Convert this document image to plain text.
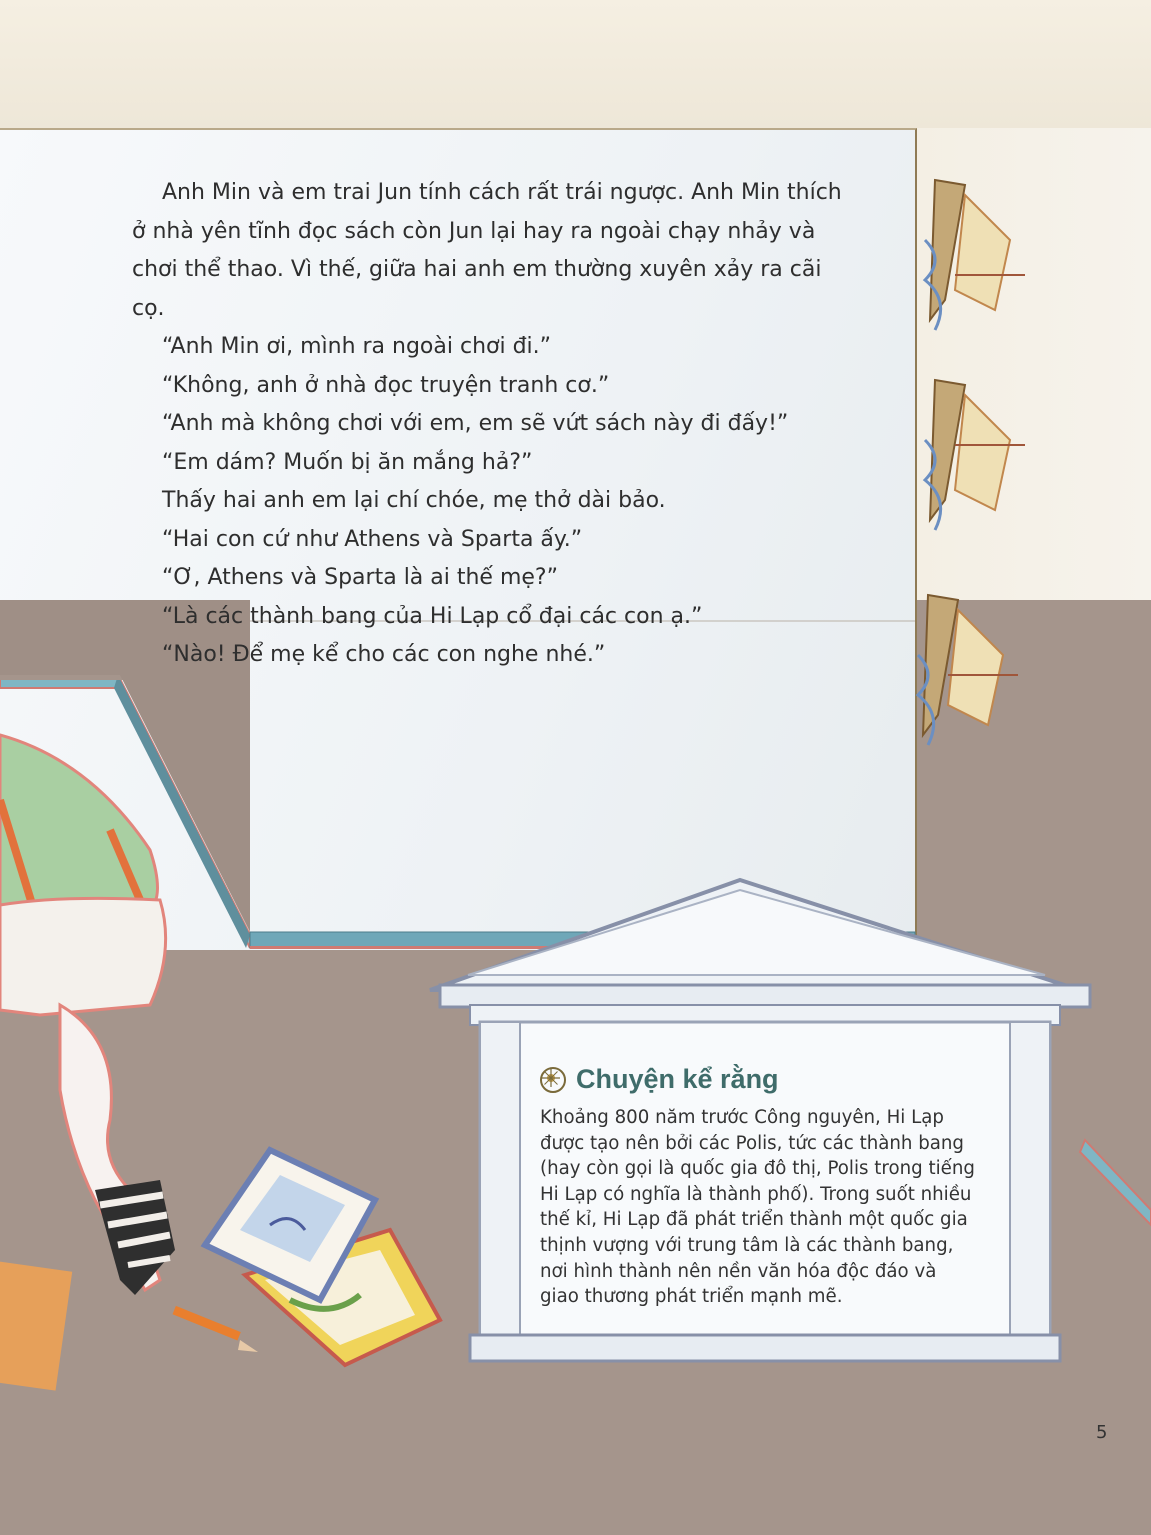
Anh Min và em trai Jun tính cách rất trái ngược. Anh Min thích ở nhà yên tĩnh đọc sách còn Jun lại hay ra ngoài chạy nhảy và chơi thể thao. Vì thế, giữa hai anh em thường xuyên xảy ra cãi cọ.

“Anh Min ơi, mình ra ngoài chơi đi.”

“Không, anh ở nhà đọc truyện tranh cơ.”

“Anh mà không chơi với em, em sẽ vứt sách này đi đấy!”

“Em dám? Muốn bị ăn mắng hả?”

Thấy hai anh em lại chí chóe, mẹ thở dài bảo.

“Hai con cứ như Athens và Sparta ấy.”

“Ơ, Athens và Sparta là ai thế mẹ?”

“Là các thành bang của Hi Lạp cổ đại các con ạ.”

“Nào! Để mẹ kể cho các con nghe nhé.”

Chuyện kể rằng
Khoảng 800 năm trước Công nguyên, Hi Lạp được tạo nên bởi các Polis, tức các thành bang (hay còn gọi là quốc gia đô thị, Polis trong tiếng Hi Lạp có nghĩa là thành phố). Trong suốt nhiều thế kỉ, Hi Lạp đã phát triển thành một quốc gia thịnh vượng với trung tâm là các thành bang, nơi hình thành nên nền văn hóa độc đáo và giao thương phát triển mạnh mẽ.
5
